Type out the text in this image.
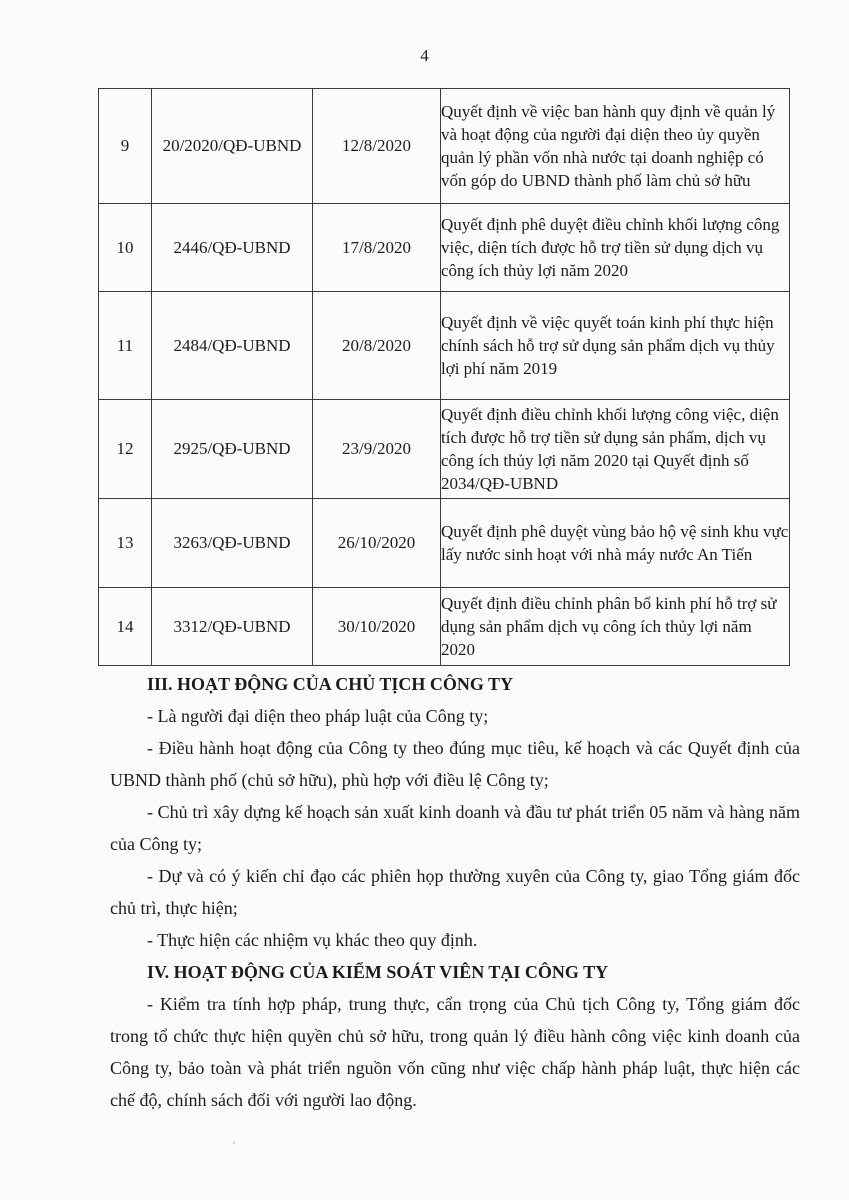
4
9	20/2020/QĐ-UBND	12/8/2020	Quyết định về việc ban hành quy định về quản lý và hoạt động của người đại diện theo ủy quyền quản lý phần vốn nhà nước tại doanh nghiệp có vốn góp do UBND thành phố làm chủ sở hữu
10	2446/QĐ-UBND	17/8/2020	Quyết định phê duyệt điều chỉnh khối lượng công việc, diện tích được hỗ trợ tiền sử dụng dịch vụ công ích thủy lợi năm 2020
11	2484/QĐ-UBND	20/8/2020	Quyết định về việc quyết toán kinh phí thực hiện chính sách hỗ trợ sử dụng sản phẩm dịch vụ thủy lợi phí năm 2019
12	2925/QĐ-UBND	23/9/2020	Quyết định điều chỉnh khối lượng công việc, diện tích được hỗ trợ tiền sử dụng sản phẩm, dịch vụ công ích thủy lợi năm 2020 tại Quyết định số 2034/QĐ-UBND
13	3263/QĐ-UBND	26/10/2020	Quyết định phê duyệt vùng bảo hộ vệ sinh khu vực lấy nước sinh hoạt với nhà máy nước An Tiến
14	3312/QĐ-UBND	30/10/2020	Quyết định điều chỉnh phân bổ kinh phí hỗ trợ sử dụng sản phẩm dịch vụ công ích thủy lợi năm 2020

III. HOẠT ĐỘNG CỦA CHỦ TỊCH CÔNG TY

- Là người đại diện theo pháp luật của Công ty;

- Điều hành hoạt động của Công ty theo đúng mục tiêu, kế hoạch và các Quyết định của UBND thành phố (chủ sở hữu), phù hợp với điều lệ Công ty;

- Chủ trì xây dựng kế hoạch sản xuất kinh doanh và đầu tư phát triển 05 năm và hàng năm của Công ty;

- Dự và có ý kiến chỉ đạo các phiên họp thường xuyên của Công ty, giao Tổng giám đốc chủ trì, thực hiện;

- Thực hiện các nhiệm vụ khác theo quy định.

IV. HOẠT ĐỘNG CỦA KIỂM SOÁT VIÊN TẠI CÔNG TY

- Kiểm tra tính hợp pháp, trung thực, cẩn trọng của Chủ tịch Công ty, Tổng giám đốc trong tổ chức thực hiện quyền chủ sở hữu, trong quản lý điều hành công việc kinh doanh của Công ty, bảo toàn và phát triển nguồn vốn cũng như việc chấp hành pháp luật, thực hiện các chế độ, chính sách đối với người lao động.

ˌ
